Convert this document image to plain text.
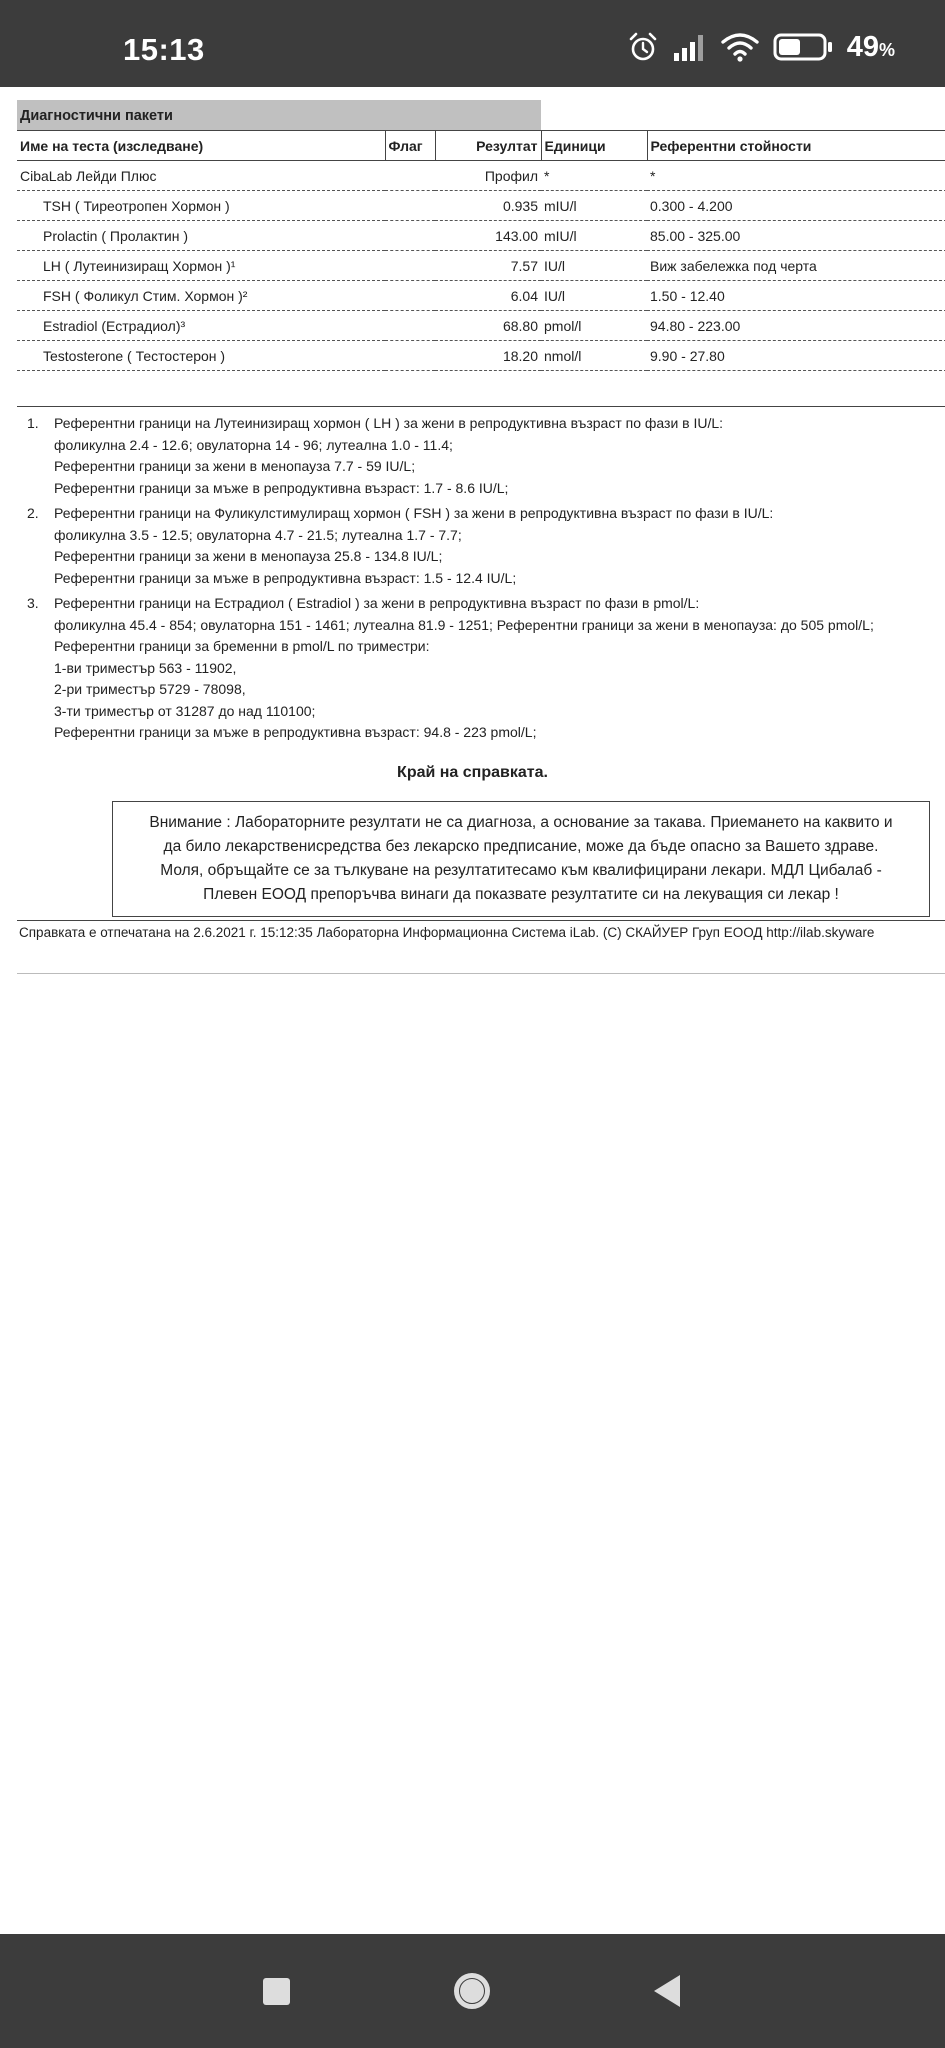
15:13	49%
Диагностични пакети
Име на теста (изследване)	Флаг	Резултат	Единици	Референтни стойности
CibaLab Лейди Плюс		Профил	*	*
TSH ( Тиреотропен Хормон )		0.935	mIU/l	0.300 - 4.200
Prolactin ( Пролактин )		143.00	mIU/l	85.00 - 325.00
LH ( Лутеинизиращ Хормон )¹		7.57	IU/l	Виж забележка под черта
FSH ( Фоликул Стим. Хормон )²		6.04	IU/l	1.50 - 12.40
Estradiol (Естрадиол)³		68.80	pmol/l	94.80 - 223.00
Testosterone ( Тестостерон )		18.20	nmol/l	9.90 - 27.80
1.	Референтни граници на Лутеинизиращ хормон ( LH ) за жени в репродуктивна възраст по фази в IU/L:
фоликулна 2.4 - 12.6; овулаторна 14 - 96; лутеална 1.0 - 11.4;
Референтни граници за жени в менопауза 7.7 - 59 IU/L;
Референтни граници за мъже в репродуктивна възраст: 1.7 - 8.6 IU/L;
2.	Референтни граници на Фуликулстимулиращ хормон ( FSH ) за жени в репродуктивна възраст по фази в IU/L:
фоликулна 3.5 - 12.5; овулаторна 4.7 - 21.5; лутеална 1.7 - 7.7;
Референтни граници за жени в менопауза 25.8 - 134.8 IU/L;
Референтни граници за мъже в репродуктивна възраст: 1.5 - 12.4 IU/L;
3.	Референтни граници на Естрадиол ( Estradiol ) за жени в репродуктивна възраст по фази в pmol/L:
фоликулна 45.4 - 854; овулаторна 151 - 1461; лутеална 81.9 - 1251; Референтни граници за жени в менопауза: до 505 pmol/L;
Референтни граници за бременни в pmol/L по триместри:
1-ви триместър 563 - 11902,
2-ри триместър 5729 - 78098,
3-ти триместър от 31287 до над 110100;
Референтни граници за мъже в репродуктивна възраст: 94.8 - 223 pmol/L;
Край на справката.
Внимание : Лабораторните резултати не са диагноза, а основание за такава. Приемането на каквито и
да било лекарственисредства без лекарско предписание, може да бъде опасно за Вашето здраве.
Моля, обръщайте се за тълкуване на резултатитесамо към квалифицирани лекари. МДЛ Цибалаб -
Плевен ЕООД препоръчва винаги да показвате резултатите си на лекуващия си лекар !
Справката е отпечатана на 2.6.2021 г. 15:12:35 Лабораторна Информационна Система iLab. (C) СКАЙУЕР Груп ЕООД http://ilab.skyware
